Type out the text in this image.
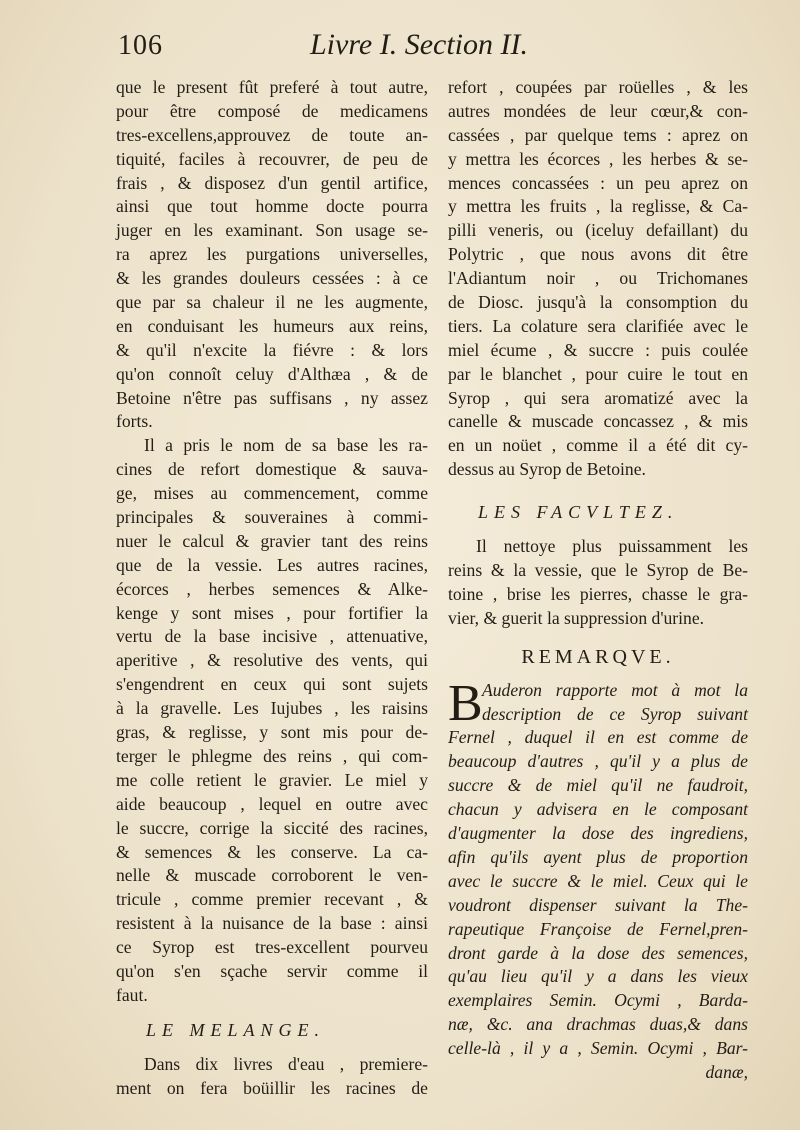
106	Livre I. Section II.
que le present fût preferé à tout autre,
pour être composé de medicamens
tres-excellens,approuvez de toute an-
tiquité, faciles à recouvrer, de peu de
frais , & disposez d'un gentil artifice,
ainsi que tout homme docte pourra
juger en les examinant. Son usage se-
ra aprez les purgations universelles,
& les grandes douleurs cessées : à ce
que par sa chaleur il ne les augmente,
en conduisant les humeurs aux reins,
& qu'il n'excite la fiévre : & lors
qu'on connoît celuy d'Althæa , & de
Betoine n'être pas suffisans , ny assez
forts.
Il a pris le nom de sa base les ra-
cines de refort domestique & sauva-
ge, mises au commencement, comme
principales & souveraines à commi-
nuer le calcul & gravier tant des reins
que de la vessie. Les autres racines,
écorces , herbes semences & Alke-
kenge y sont mises , pour fortifier la
vertu de la base incisive , attenuative,
aperitive , & resolutive des vents, qui
s'engendrent en ceux qui sont sujets
à la gravelle. Les Iujubes , les raisins
gras, & reglisse, y sont mis pour de-
terger le phlegme des reins , qui com-
me colle retient le gravier. Le miel y
aide beaucoup , lequel en outre avec
le succre, corrige la siccité des racines,
& semences & les conserve. La ca-
nelle & muscade corroborent le ven-
tricule , comme premier recevant , &
resistent à la nuisance de la base : ainsi
ce Syrop est tres-excellent pourveu
qu'on s'en sçache servir comme il
faut.
LE MELANGE.
Dans dix livres d'eau , premiere-
ment on fera boüillir les racines de
refort , coupées par roüelles , & les
autres mondées de leur cœur,& con-
cassées , par quelque tems : aprez on
y mettra les écorces , les herbes & se-
mences concassées : un peu aprez on
y mettra les fruits , la reglisse, & Ca-
pilli veneris, ou (iceluy defaillant) du
Polytric , que nous avons dit être
l'Adiantum noir , ou Trichomanes
de Diosc. jusqu'à la consomption du
tiers. La colature sera clarifiée avec le
miel écume , & succre : puis coulée
par le blanchet , pour cuire le tout en
Syrop , qui sera aromatizé avec la
canelle & muscade concassez , & mis
en un noüet , comme il a été dit cy-
dessus au Syrop de Betoine.
LES FACVLTEZ.
Il nettoye plus puissamment les
reins & la vessie, que le Syrop de Be-
toine , brise les pierres, chasse le gra-
vier, & guerit la suppression d'urine.
REMARQVE.
B Auderon rapporte mot à mot la
description de ce Syrop suivant
Fernel , duquel il en est comme de
beaucoup d'autres , qu'il y a plus de
succre & de miel qu'il ne faudroit,
chacun y advisera en le composant
d'augmenter la dose des ingrediens,
afin qu'ils ayent plus de proportion
avec le succre & le miel. Ceux qui le
voudront dispenser suivant la The-
rapeutique Françoise de Fernel,pren-
dront garde à la dose des semences,
qu'au lieu qu'il y a dans les vieux
exemplaires Semin. Ocymi , Barda-
næ, &c. ana drachmas duas,& dans
celle-là , il y a , Semin. Ocymi , Bar-
danæ,
